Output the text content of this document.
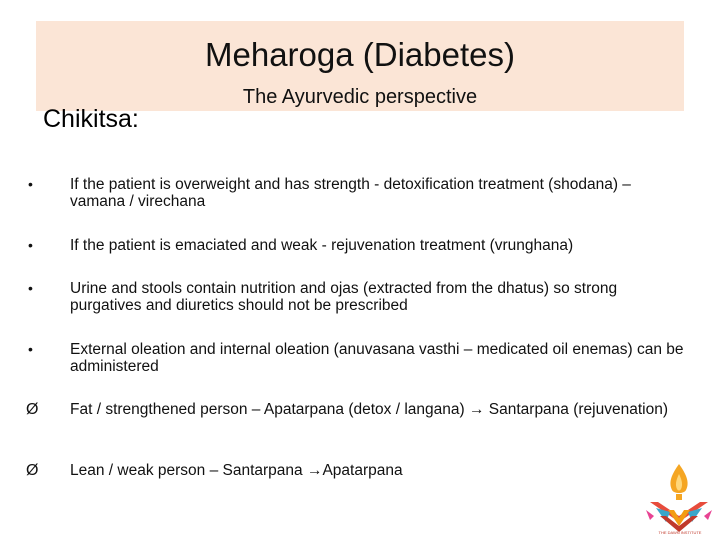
Meharoga (Diabetes)
The Ayurvedic perspective
Chikitsa:
• If the patient is overweight and has strength - detoxification treatment (shodana) – vamana / virechana
• If the patient is emaciated and weak - rejuvenation treatment (vrunghana)
• Urine and stools contain nutrition and ojas (extracted from the dhatus) so strong purgatives and diuretics should not be prescribed
• External oleation and internal oleation (anuvasana vasthi – medicated oil enemas) can be administered
Ø Fat / strengthened person – Apatarpana (detox / langana) → Santarpana (rejuvenation)
Ø Lean / weak person – Santarpana →Apatarpana
THE DAWN INSTITUTE
